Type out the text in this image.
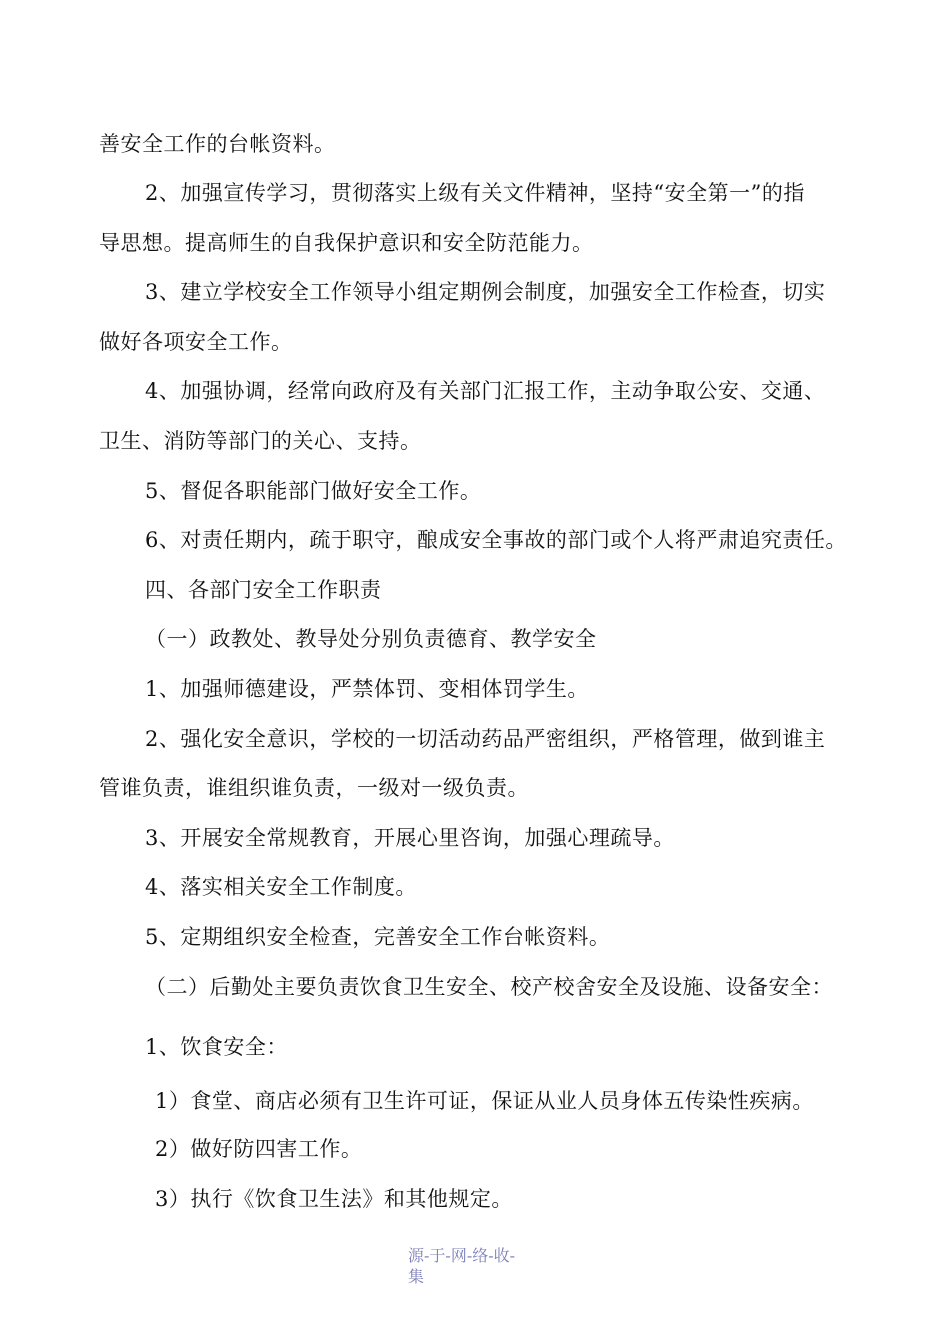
善安全工作的台帐资料。
2、加强宣传学习，贯彻落实上级有关文件精神，坚持“安全第一”的指
导思想。提高师生的自我保护意识和安全防范能力。
3、建立学校安全工作领导小组定期例会制度，加强安全工作检查，切实
做好各项安全工作。
4、加强协调，经常向政府及有关部门汇报工作，主动争取公安、交通、
卫生、消防等部门的关心、支持。
5、督促各职能部门做好安全工作。
6、对责任期内，疏于职守，酿成安全事故的部门或个人将严肃追究责任。
四、各部门安全工作职责
（一）政教处、教导处分别负责德育、教学安全
1、加强师德建设，严禁体罚、变相体罚学生。
2、强化安全意识，学校的一切活动药品严密组织，严格管理，做到谁主
管谁负责，谁组织谁负责，一级对一级负责。
3、开展安全常规教育，开展心里咨询，加强心理疏导。
4、落实相关安全工作制度。
5、定期组织安全检查，完善安全工作台帐资料。
（二）后勤处主要负责饮食卫生安全、校产校舍安全及设施、设备安全：
1、饮食安全：
1）食堂、商店必须有卫生许可证，保证从业人员身体五传染性疾病。
2）做好防四害工作。
3）执行《饮食卫生法》和其他规定。
源-于-网-络-收-
集
